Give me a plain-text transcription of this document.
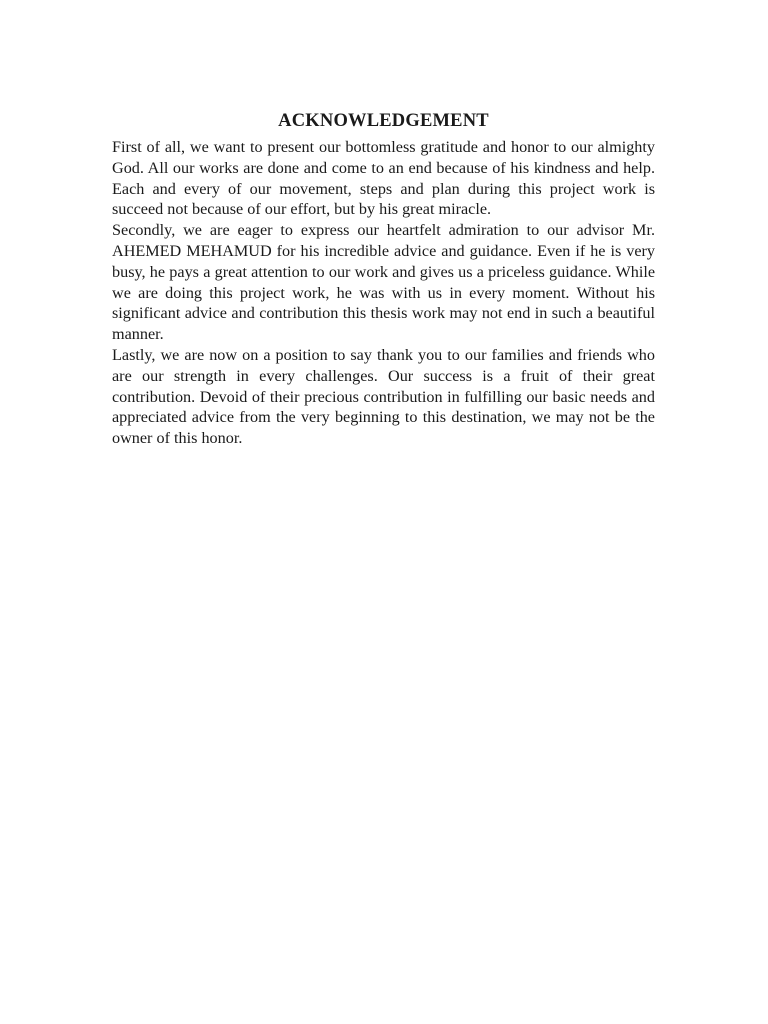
ACKNOWLEDGEMENT

First of all, we want to present our bottomless gratitude and honor to our almighty God. All our works are done and come to an end because of his kindness and help. Each and every of our movement, steps and plan during this project work is succeed not because of our effort, but by his great miracle.

Secondly, we are eager to express our heartfelt admiration to our advisor Mr. AHEMED MEHAMUD for his incredible advice and guidance. Even if he is very busy, he pays a great attention to our work and gives us a priceless guidance. While we are doing this project work, he was with us in every moment. Without his significant advice and contribution this thesis work may not end in such a beautiful manner.

Lastly, we are now on a position to say thank you to our families and friends who are our strength in every challenges. Our success is a fruit of their great contribution. Devoid of their precious contribution in fulfilling our basic needs and appreciated advice from the very beginning to this destination, we may not be the owner of this honor.
